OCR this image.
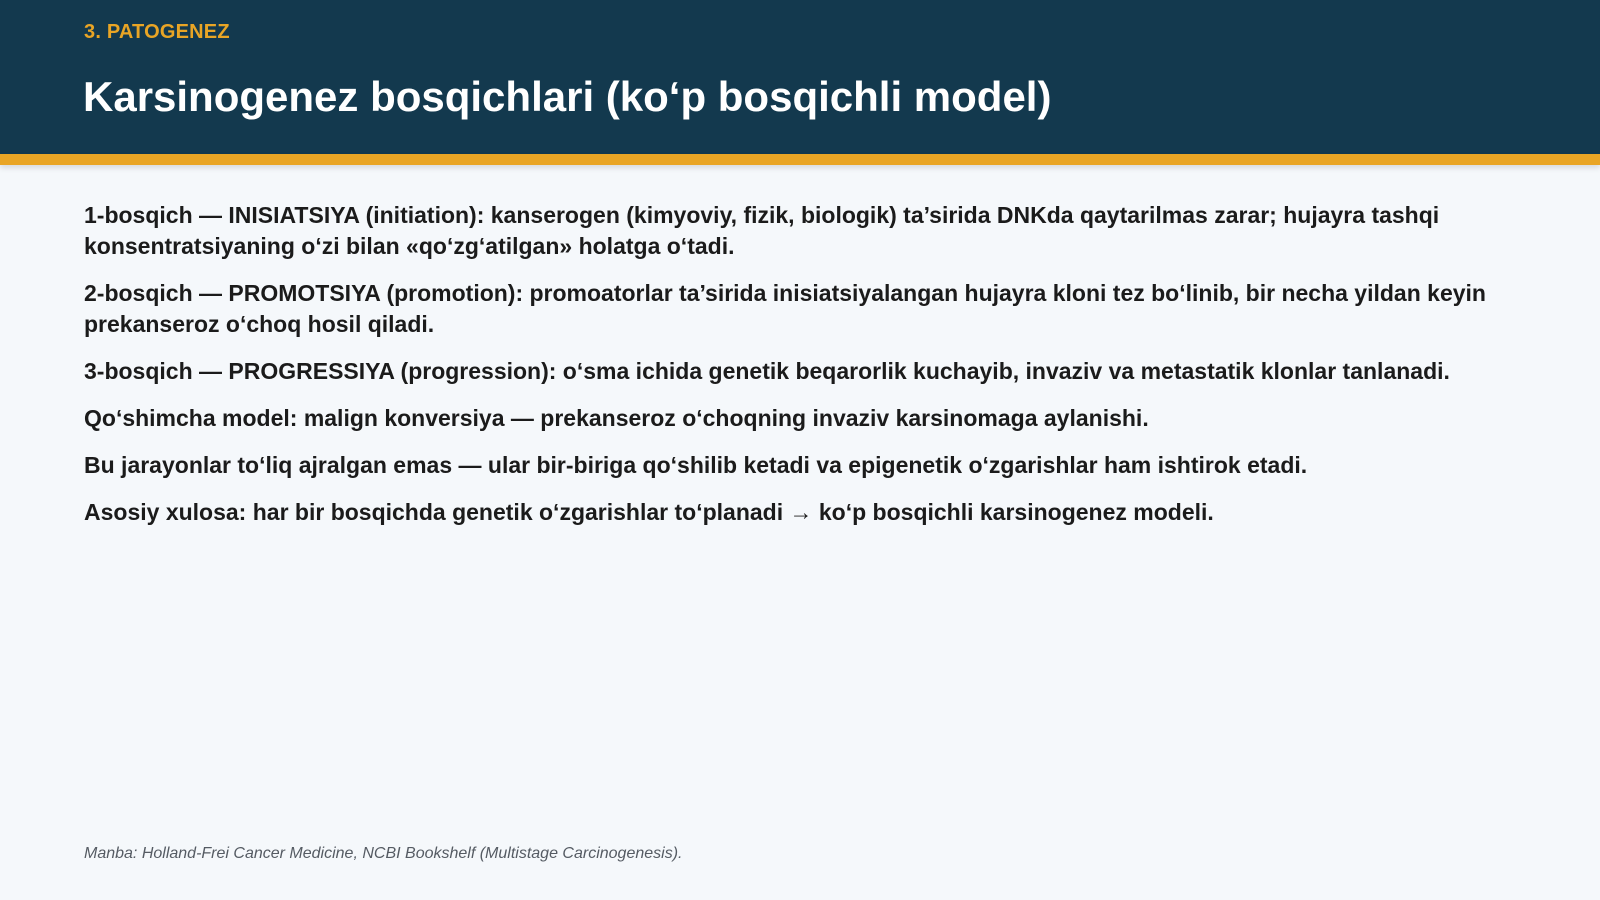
3. PATOGENEZ
Karsinogenez bosqichlari (ko‘p bosqichli model)

1-bosqich — INISIATSIYA (initiation): kanserogen (kimyoviy, fizik, biologik) ta’sirida DNKda qaytarilmas zarar; hujayra tashqi konsentratsiyaning o‘zi bilan «qo‘zg‘atilgan» holatga o‘tadi.

2-bosqich — PROMOTSIYA (promotion): promoatorlar ta’sirida inisiatsiyalangan hujayra kloni tez bo‘linib, bir necha yildan keyin prekanseroz o‘choq hosil qiladi.

3-bosqich — PROGRESSIYA (progression): o‘sma ichida genetik beqarorlik kuchayib, invaziv va metastatik klonlar tanlanadi.

Qo‘shimcha model: malign konversiya — prekanseroz o‘choqning invaziv karsinomaga aylanishi.

Bu jarayonlar to‘liq ajralgan emas — ular bir-biriga qo‘shilib ketadi va epigenetik o‘zgarishlar ham ishtirok etadi.

Asosiy xulosa: har bir bosqichda genetik o‘zgarishlar to‘planadi → ko‘p bosqichli karsinogenez modeli.

Manba: Holland-Frei Cancer Medicine, NCBI Bookshelf (Multistage Carcinogenesis).
